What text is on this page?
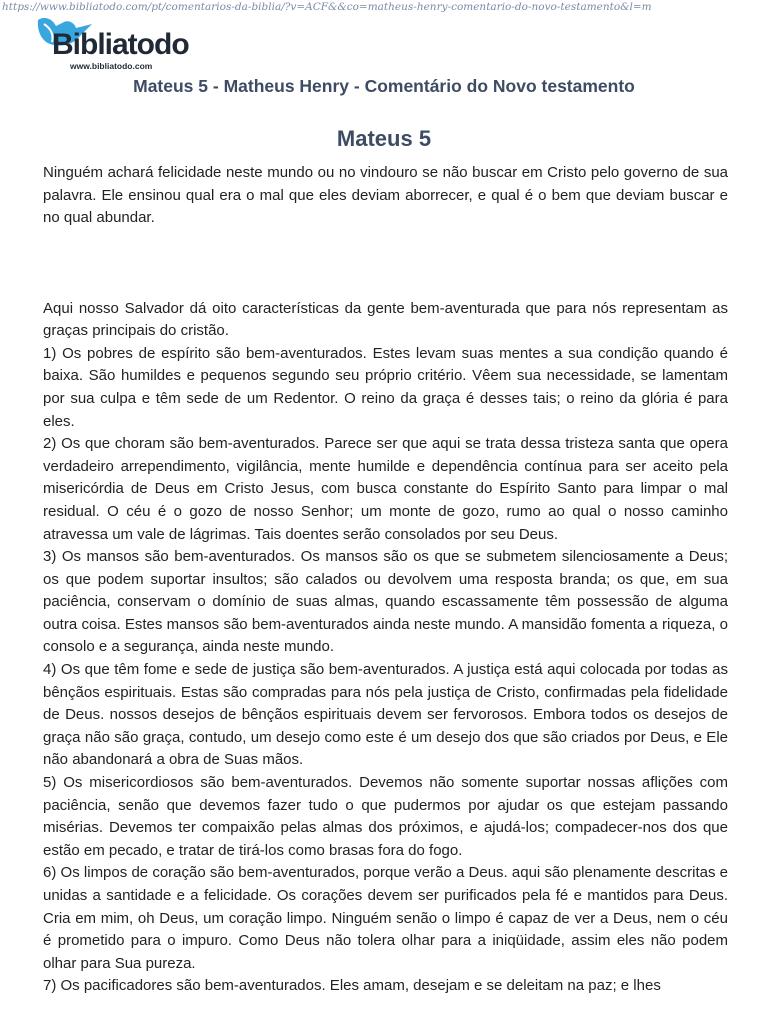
https://www.bibliatodo.com/pt/comentarios-da-biblia/?v=ACF&&co=matheus-henry-comentario-do-novo-testamento&l=m
Bibliatodo
www.bibliatodo.com
Mateus 5 - Matheus Henry - Comentário do Novo testamento
Mateus 5

Ninguém achará felicidade neste mundo ou no vindouro se não buscar em Cristo pelo governo de sua palavra. Ele ensinou qual era o mal que eles deviam aborrecer, e qual é o bem que deviam buscar e no qual abundar.

Aqui nosso Salvador dá oito características da gente bem-aventurada que para nós representam as graças principais do cristão.

1) Os pobres de espírito são bem-aventurados. Estes levam suas mentes a sua condição quando é baixa. São humildes e pequenos segundo seu próprio critério. Vêem sua necessidade, se lamentam por sua culpa e têm sede de um Redentor. O reino da graça é desses tais; o reino da glória é para eles.

2) Os que choram são bem-aventurados. Parece ser que aqui se trata dessa tristeza santa que opera verdadeiro arrependimento, vigilância, mente humilde e dependência contínua para ser aceito pela misericórdia de Deus em Cristo Jesus, com busca constante do Espírito Santo para limpar o mal residual. O céu é o gozo de nosso Senhor; um monte de gozo, rumo ao qual o nosso caminho atravessa um vale de lágrimas. Tais doentes serão consolados por seu Deus.

3) Os mansos são bem-aventurados. Os mansos são os que se submetem silenciosamente a Deus; os que podem suportar insultos; são calados ou devolvem uma resposta branda; os que, em sua paciência, conservam o domínio de suas almas, quando escassamente têm possessão de alguma outra coisa. Estes mansos são bem-aventurados ainda neste mundo. A mansidão fomenta a riqueza, o consolo e a segurança, ainda neste mundo.

4) Os que têm fome e sede de justiça são bem-aventurados. A justiça está aqui colocada por todas as bênçãos espirituais. Estas são compradas para nós pela justiça de Cristo, confirmadas pela fidelidade de Deus. nossos desejos de bênçãos espirituais devem ser fervorosos. Embora todos os desejos de graça não são graça, contudo, um desejo como este é um desejo dos que são criados por Deus, e Ele não abandonará a obra de Suas mãos.

5) Os misericordiosos são bem-aventurados. Devemos não somente suportar nossas aflições com paciência, senão que devemos fazer tudo o que pudermos por ajudar os que estejam passando misérias. Devemos ter compaixão pelas almas dos próximos, e ajudá-los; compadecer-nos dos que estão em pecado, e tratar de tirá-los como brasas fora do fogo.

6) Os limpos de coração são bem-aventurados, porque verão a Deus. aqui são plenamente descritas e unidas a santidade e a felicidade. Os corações devem ser purificados pela fé e mantidos para Deus. Cria em mim, oh Deus, um coração limpo. Ninguém senão o limpo é capaz de ver a Deus, nem o céu é prometido para o impuro. Como Deus não tolera olhar para a iniqüidade, assim eles não podem olhar para Sua pureza.

7) Os pacificadores são bem-aventurados. Eles amam, desejam e se deleitam na paz; e lhes
